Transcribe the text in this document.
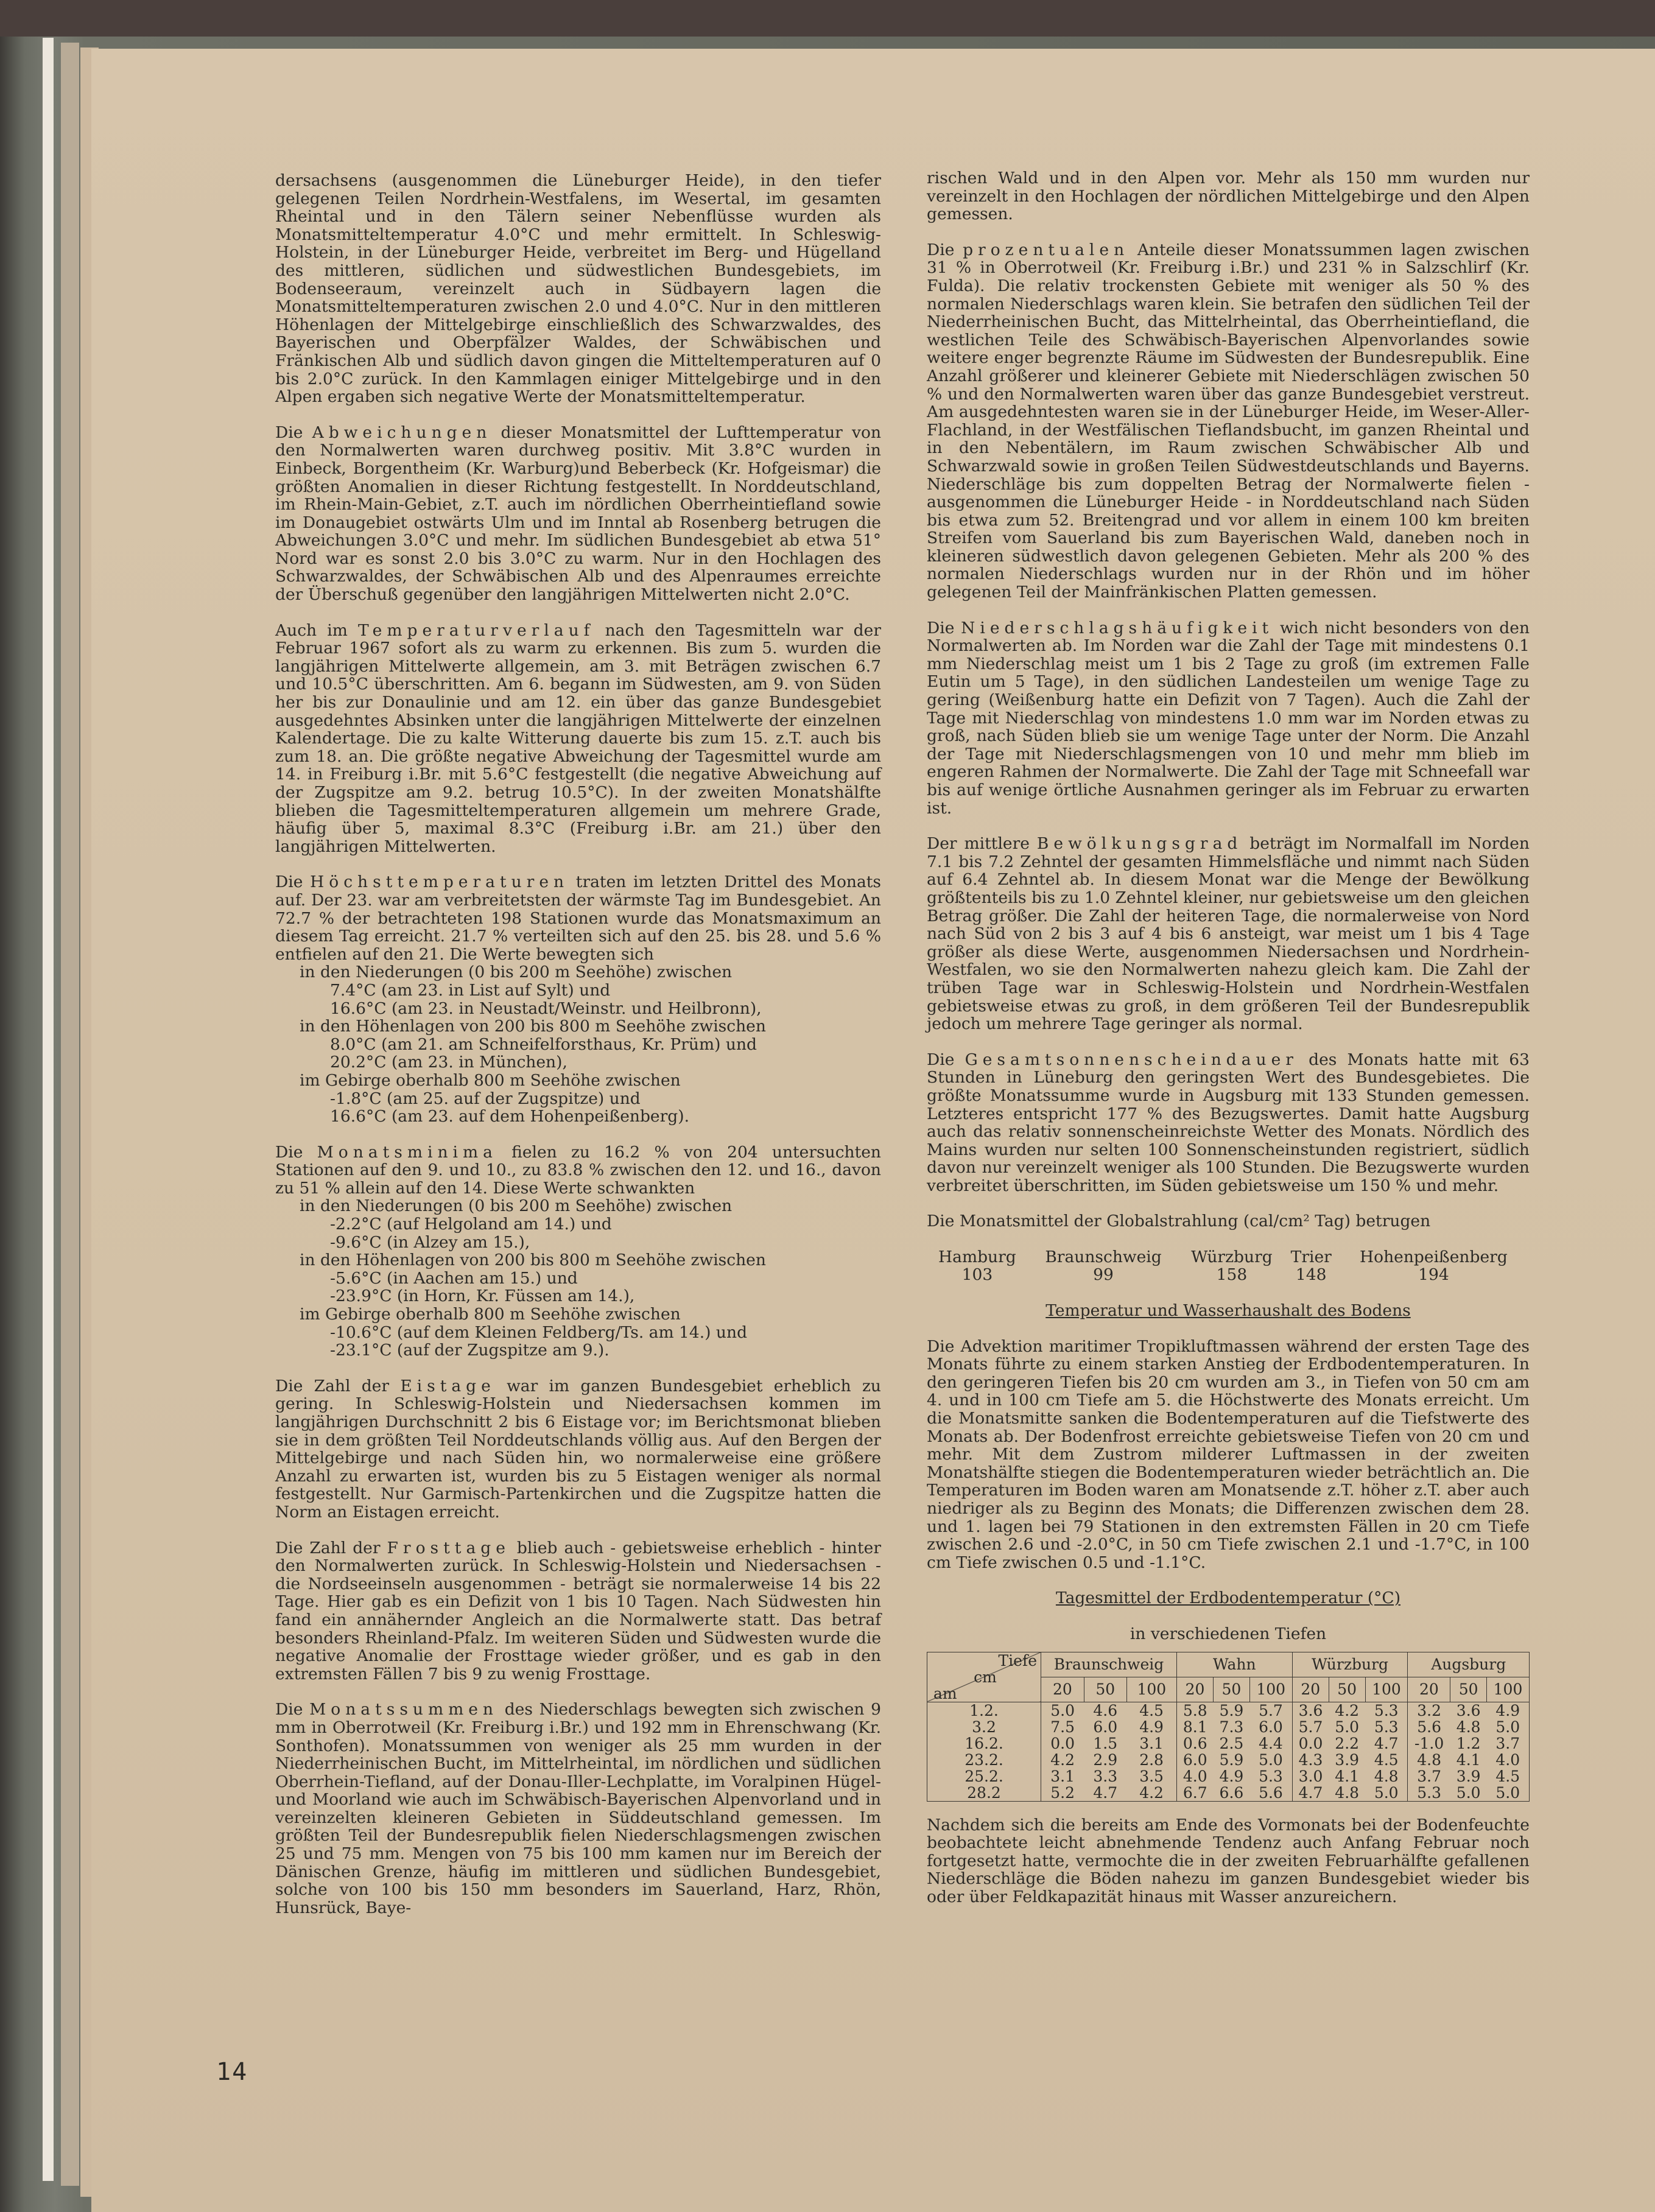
dersachsens (ausgenommen die Lüneburger Heide), in den tiefer gelegenen Teilen Nordrhein-Westfalens, im Wesertal, im gesamten Rheintal und in den Tälern seiner Nebenflüsse wurden als Monatsmitteltemperatur 4.0°C und mehr ermittelt. In Schleswig-Holstein, in der Lüneburger Heide, verbreitet im Berg- und Hügelland des mittleren, südlichen und südwestlichen Bundesgebiets, im Bodenseeraum, vereinzelt auch in Südbayern lagen die Monatsmitteltemperaturen zwischen 2.0 und 4.0°C. Nur in den mittleren Höhenlagen der Mittelgebirge einschließlich des Schwarzwaldes, des Bayerischen und Oberpfälzer Waldes, der Schwäbischen und Fränkischen Alb und südlich davon gingen die Mitteltemperaturen auf 0 bis 2.0°C zurück. In den Kammlagen einiger Mittelgebirge und in den Alpen ergaben sich negative Werte der Monatsmitteltemperatur.

Die Abweichungen dieser Monatsmittel der Lufttemperatur von den Normalwerten waren durchweg positiv. Mit 3.8°C wurden in Einbeck, Borgentheim (Kr. Warburg)und Beberbeck (Kr. Hofgeismar) die größten Anomalien in dieser Richtung festgestellt. In Norddeutschland, im Rhein-Main-Gebiet, z.T. auch im nördlichen Oberrheintiefland sowie im Donaugebiet ostwärts Ulm und im Inntal ab Rosenberg betrugen die Abweichungen 3.0°C und mehr. Im südlichen Bundesgebiet ab etwa 51° Nord war es sonst 2.0 bis 3.0°C zu warm. Nur in den Hochlagen des Schwarzwaldes, der Schwäbischen Alb und des Alpenraumes erreichte der Überschuß gegenüber den langjährigen Mittelwerten nicht 2.0°C.

Auch im Temperaturverlauf nach den Tagesmitteln war der Februar 1967 sofort als zu warm zu erkennen. Bis zum 5. wurden die langjährigen Mittelwerte allgemein, am 3. mit Beträgen zwischen 6.7 und 10.5°C überschritten. Am 6. begann im Südwesten, am 9. von Süden her bis zur Donaulinie und am 12. ein über das ganze Bundesgebiet ausgedehntes Absinken unter die langjährigen Mittelwerte der einzelnen Kalendertage. Die zu kalte Witterung dauerte bis zum 15. z.T. auch bis zum 18. an. Die größte negative Abweichung der Tagesmittel wurde am 14. in Freiburg i.Br. mit 5.6°C festgestellt (die negative Abweichung auf der Zugspitze am 9.2. betrug 10.5°C). In der zweiten Monatshälfte blieben die Tagesmitteltemperaturen allgemein um mehrere Grade, häufig über 5, maximal 8.3°C (Freiburg i.Br. am 21.) über den langjährigen Mittelwerten.

Die Höchsttemperaturen traten im letzten Drittel des Monats auf. Der 23. war am verbreitetsten der wärmste Tag im Bundesgebiet. An 72.7 % der betrachteten 198 Stationen wurde das Monatsmaximum an diesem Tag erreicht. 21.7 % verteilten sich auf den 25. bis 28. und 5.6 % entfielen auf den 21. Die Werte bewegten sich

in den Niederungen (0 bis 200 m Seehöhe) zwischen

7.4°C (am 23. in List auf Sylt) und

16.6°C (am 23. in Neustadt/Weinstr. und Heilbronn),

in den Höhenlagen von 200 bis 800 m Seehöhe zwischen

8.0°C (am 21. am Schneifelforsthaus, Kr. Prüm) und

20.2°C (am 23. in München),

im Gebirge oberhalb 800 m Seehöhe zwischen

-1.8°C (am 25. auf der Zugspitze) und

16.6°C (am 23. auf dem Hohenpeißenberg).

Die Monatsminima fielen zu 16.2 % von 204 untersuchten Stationen auf den 9. und 10., zu 83.8 % zwischen den 12. und 16., davon zu 51 % allein auf den 14. Diese Werte schwankten

in den Niederungen (0 bis 200 m Seehöhe) zwischen

-2.2°C (auf Helgoland am 14.) und

-9.6°C (in Alzey am 15.),

in den Höhenlagen von 200 bis 800 m Seehöhe zwischen

-5.6°C (in Aachen am 15.) und

-23.9°C (in Horn, Kr. Füssen am 14.),

im Gebirge oberhalb 800 m Seehöhe zwischen

-10.6°C (auf dem Kleinen Feldberg/Ts. am 14.) und

-23.1°C (auf der Zugspitze am 9.).

Die Zahl der Eistage war im ganzen Bundesgebiet erheblich zu gering. In Schleswig-Holstein und Niedersachsen kommen im langjährigen Durchschnitt 2 bis 6 Eistage vor; im Berichtsmonat blieben sie in dem größten Teil Norddeutschlands völlig aus. Auf den Bergen der Mittelgebirge und nach Süden hin, wo normalerweise eine größere Anzahl zu erwarten ist, wurden bis zu 5 Eistagen weniger als normal festgestellt. Nur Garmisch-Partenkirchen und die Zugspitze hatten die Norm an Eistagen erreicht.

Die Zahl der Frosttage blieb auch - gebietsweise erheblich - hinter den Normalwerten zurück. In Schleswig-Holstein und Niedersachsen - die Nordseeinseln ausgenommen - beträgt sie normalerweise 14 bis 22 Tage. Hier gab es ein Defizit von 1 bis 10 Tagen. Nach Südwesten hin fand ein annähernder Angleich an die Normalwerte statt. Das betraf besonders Rheinland-Pfalz. Im weiteren Süden und Südwesten wurde die negative Anomalie der Frosttage wieder größer, und es gab in den extremsten Fällen 7 bis 9 zu wenig Frosttage.

Die Monatssummen des Niederschlags bewegten sich zwischen 9 mm in Oberrotweil (Kr. Freiburg i.Br.) und 192 mm in Ehrenschwang (Kr. Sonthofen). Monatssummen von weniger als 25 mm wurden in der Niederrheinischen Bucht, im Mittelrheintal, im nördlichen und südlichen Oberrhein-Tiefland, auf der Donau-Iller-Lechplatte, im Voralpinen Hügel- und Moorland wie auch im Schwäbisch-Bayerischen Alpenvorland und in vereinzelten kleineren Gebieten in Süddeutschland gemessen. Im größten Teil der Bundesrepublik fielen Niederschlagsmengen zwischen 25 und 75 mm. Mengen von 75 bis 100 mm kamen nur im Bereich der Dänischen Grenze, häufig im mittleren und südlichen Bundesgebiet, solche von 100 bis 150 mm besonders im Sauerland, Harz, Rhön, Hunsrück, Baye-

rischen Wald und in den Alpen vor. Mehr als 150 mm wurden nur vereinzelt in den Hochlagen der nördlichen Mittelgebirge und den Alpen gemessen.

Die prozentualen Anteile dieser Monatssummen lagen zwischen 31 % in Oberrotweil (Kr. Freiburg i.Br.) und 231 % in Salzschlirf (Kr. Fulda). Die relativ trockensten Gebiete mit weniger als 50 % des normalen Niederschlags waren klein. Sie betrafen den südlichen Teil der Niederrheinischen Bucht, das Mittelrheintal, das Oberrheintiefland, die westlichen Teile des Schwäbisch-Bayerischen Alpenvorlandes sowie weitere enger begrenzte Räume im Südwesten der Bundesrepublik. Eine Anzahl größerer und kleinerer Gebiete mit Niederschlägen zwischen 50 % und den Normalwerten waren über das ganze Bundesgebiet verstreut. Am ausgedehntesten waren sie in der Lüneburger Heide, im Weser-Aller-Flachland, in der Westfälischen Tieflandsbucht, im ganzen Rheintal und in den Nebentälern, im Raum zwischen Schwäbischer Alb und Schwarzwald sowie in großen Teilen Südwestdeutschlands und Bayerns. Niederschläge bis zum doppelten Betrag der Normalwerte fielen - ausgenommen die Lüneburger Heide - in Norddeutschland nach Süden bis etwa zum 52. Breitengrad und vor allem in einem 100 km breiten Streifen vom Sauerland bis zum Bayerischen Wald, daneben noch in kleineren südwestlich davon gelegenen Gebieten. Mehr als 200 % des normalen Niederschlags wurden nur in der Rhön und im höher gelegenen Teil der Mainfränkischen Platten gemessen.

Die Niederschlagshäufigkeit wich nicht besonders von den Normalwerten ab. Im Norden war die Zahl der Tage mit mindestens 0.1 mm Niederschlag meist um 1 bis 2 Tage zu groß (im extremen Falle Eutin um 5 Tage), in den südlichen Landesteilen um wenige Tage zu gering (Weißenburg hatte ein Defizit von 7 Tagen). Auch die Zahl der Tage mit Niederschlag von mindestens 1.0 mm war im Norden etwas zu groß, nach Süden blieb sie um wenige Tage unter der Norm. Die Anzahl der Tage mit Niederschlagsmengen von 10 und mehr mm blieb im engeren Rahmen der Normalwerte. Die Zahl der Tage mit Schneefall war bis auf wenige örtliche Ausnahmen geringer als im Februar zu erwarten ist.

Der mittlere Bewölkungsgrad beträgt im Normalfall im Norden 7.1 bis 7.2 Zehntel der gesamten Himmelsfläche und nimmt nach Süden auf 6.4 Zehntel ab. In diesem Monat war die Menge der Bewölkung größtenteils bis zu 1.0 Zehntel kleiner, nur gebietsweise um den gleichen Betrag größer. Die Zahl der heiteren Tage, die normalerweise von Nord nach Süd von 2 bis 3 auf 4 bis 6 ansteigt, war meist um 1 bis 4 Tage größer als diese Werte, ausgenommen Niedersachsen und Nordrhein-Westfalen, wo sie den Normalwerten nahezu gleich kam. Die Zahl der trüben Tage war in Schleswig-Holstein und Nordrhein-Westfalen gebietsweise etwas zu groß, in dem größeren Teil der Bundesrepublik jedoch um mehrere Tage geringer als normal.

Die Gesamtsonnenscheindauer des Monats hatte mit 63 Stunden in Lüneburg den geringsten Wert des Bundesgebietes. Die größte Monatssumme wurde in Augsburg mit 133 Stunden gemessen. Letzteres entspricht 177 % des Bezugswertes. Damit hatte Augsburg auch das relativ sonnenscheinreichste Wetter des Monats. Nördlich des Mains wurden nur selten 100 Sonnenscheinstunden registriert, südlich davon nur vereinzelt weniger als 100 Stunden. Die Bezugswerte wurden verbreitet überschritten, im Süden gebietsweise um 150 % und mehr.

Die Monatsmittel der Globalstrahlung (cal/cm² Tag) betrugen

Hamburg	Braunschweig	Würzburg	Trier	Hohenpeißenberg
103	99	158	148	194

Temperatur und Wasserhaushalt des Bodens

Die Advektion maritimer Tropikluftmassen während der ersten Tage des Monats führte zu einem starken Anstieg der Erdbodentemperaturen. In den geringeren Tiefen bis 20 cm wurden am 3., in Tiefen von 50 cm am 4. und in 100 cm Tiefe am 5. die Höchstwerte des Monats erreicht. Um die Monatsmitte sanken die Bodentemperaturen auf die Tiefstwerte des Monats ab. Der Bodenfrost erreichte gebietsweise Tiefen von 20 cm und mehr. Mit dem Zustrom milderer Luftmassen in der zweiten Monatshälfte stiegen die Bodentemperaturen wieder beträchtlich an. Die Temperaturen im Boden waren am Monatsende z.T. höher z.T. aber auch niedriger als zu Beginn des Monats; die Differenzen zwischen dem 28. und 1. lagen bei 79 Stationen in den extremsten Fällen in 20 cm Tiefe zwischen 2.6 und -2.0°C, in 50 cm Tiefe zwischen 2.1 und -1.7°C, in 100 cm Tiefe zwischen 0.5 und -1.1°C.

Tagesmittel der Erdbodentemperatur (°C)

in verschiedenen Tiefen

Tiefe
cm
am	Braunschweig			Wahn			Würzburg			Augsburg		
	20	50	100	20	50	100	20	50	100	20	50	100
1.2.	5.0	4.6	4.5	5.8	5.9	5.7	3.6	4.2	5.3	3.2	3.6	4.9
3.2	7.5	6.0	4.9	8.1	7.3	6.0	5.7	5.0	5.3	5.6	4.8	5.0
16.2.	0.0	1.5	3.1	0.6	2.5	4.4	0.0	2.2	4.7	-1.0	1.2	3.7
23.2.	4.2	2.9	2.8	6.0	5.9	5.0	4.3	3.9	4.5	4.8	4.1	4.0
25.2.	3.1	3.3	3.5	4.0	4.9	5.3	3.0	4.1	4.8	3.7	3.9	4.5
28.2	5.2	4.7	4.2	6.7	6.6	5.6	4.7	4.8	5.0	5.3	5.0	5.0

Nachdem sich die bereits am Ende des Vormonats bei der Bodenfeuchte beobachtete leicht abnehmende Tendenz auch Anfang Februar noch fortgesetzt hatte, vermochte die in der zweiten Februarhälfte gefallenen Niederschläge die Böden nahezu im ganzen Bundesgebiet wieder bis oder über Feldkapazität hinaus mit Wasser anzureichern.

14
